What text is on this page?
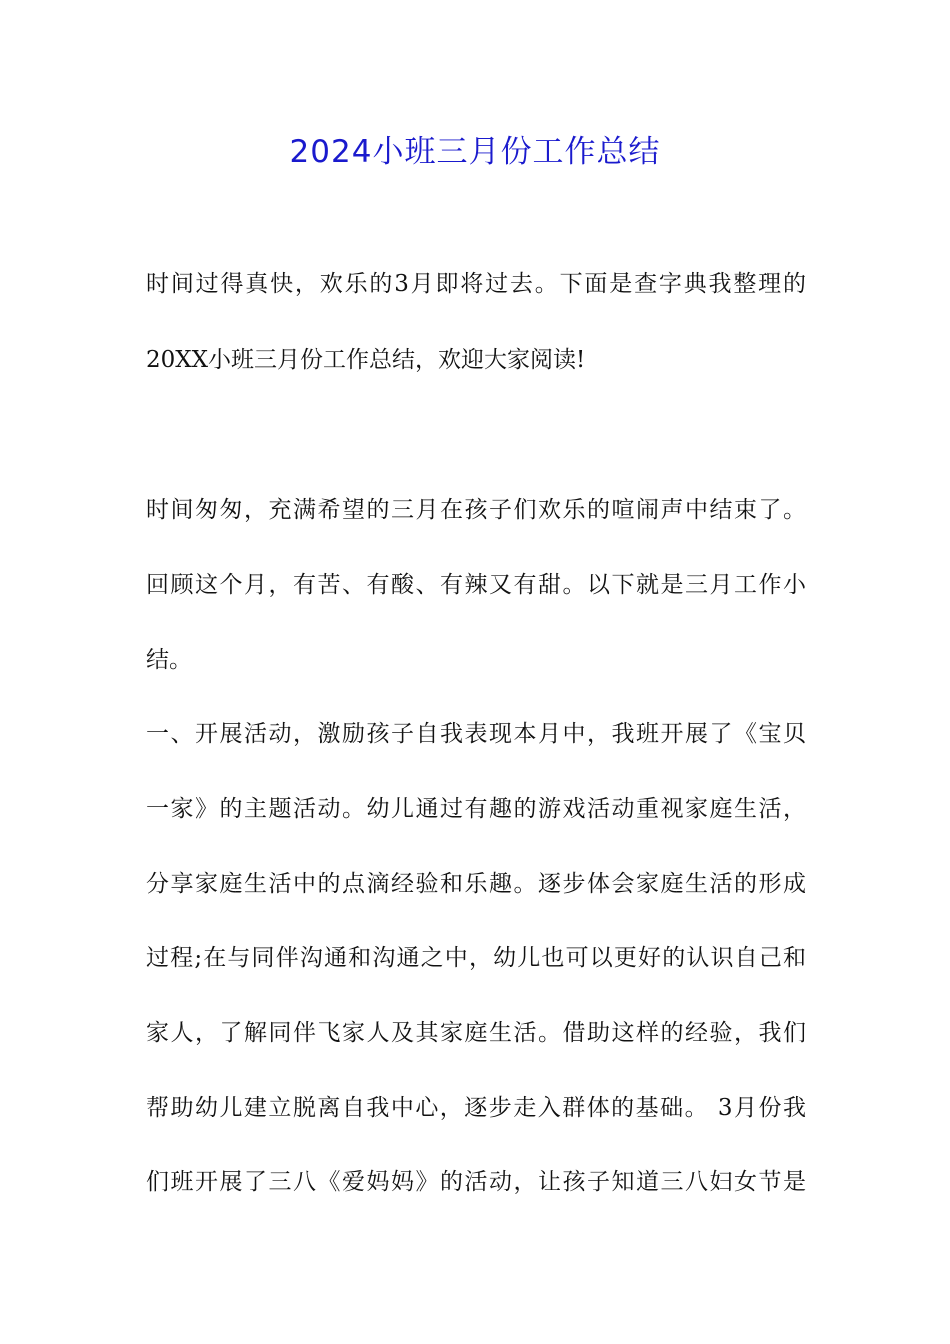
2024小班三月份工作总结
时间过得真快，欢乐的3月即将过去。下面是查字典我整理的
20XX小班三月份工作总结，欢迎大家阅读!
时间匆匆，充满希望的三月在孩子们欢乐的喧闹声中结束了。
回顾这个月，有苦、有酸、有辣又有甜。以下就是三月工作小
结。
一、开展活动，激励孩子自我表现本月中，我班开展了《宝贝
一家》的主题活动。幼儿通过有趣的游戏活动重视家庭生活，
分享家庭生活中的点滴经验和乐趣。逐步体会家庭生活的形成
过程;在与同伴沟通和沟通之中，幼儿也可以更好的认识自己和
家人，了解同伴飞家人及其家庭生活。借助这样的经验，我们
帮助幼儿建立脱离自我中心，逐步走入群体的基础。 3月份我
们班开展了三八《爱妈妈》的活动，让孩子知道三八妇女节是
